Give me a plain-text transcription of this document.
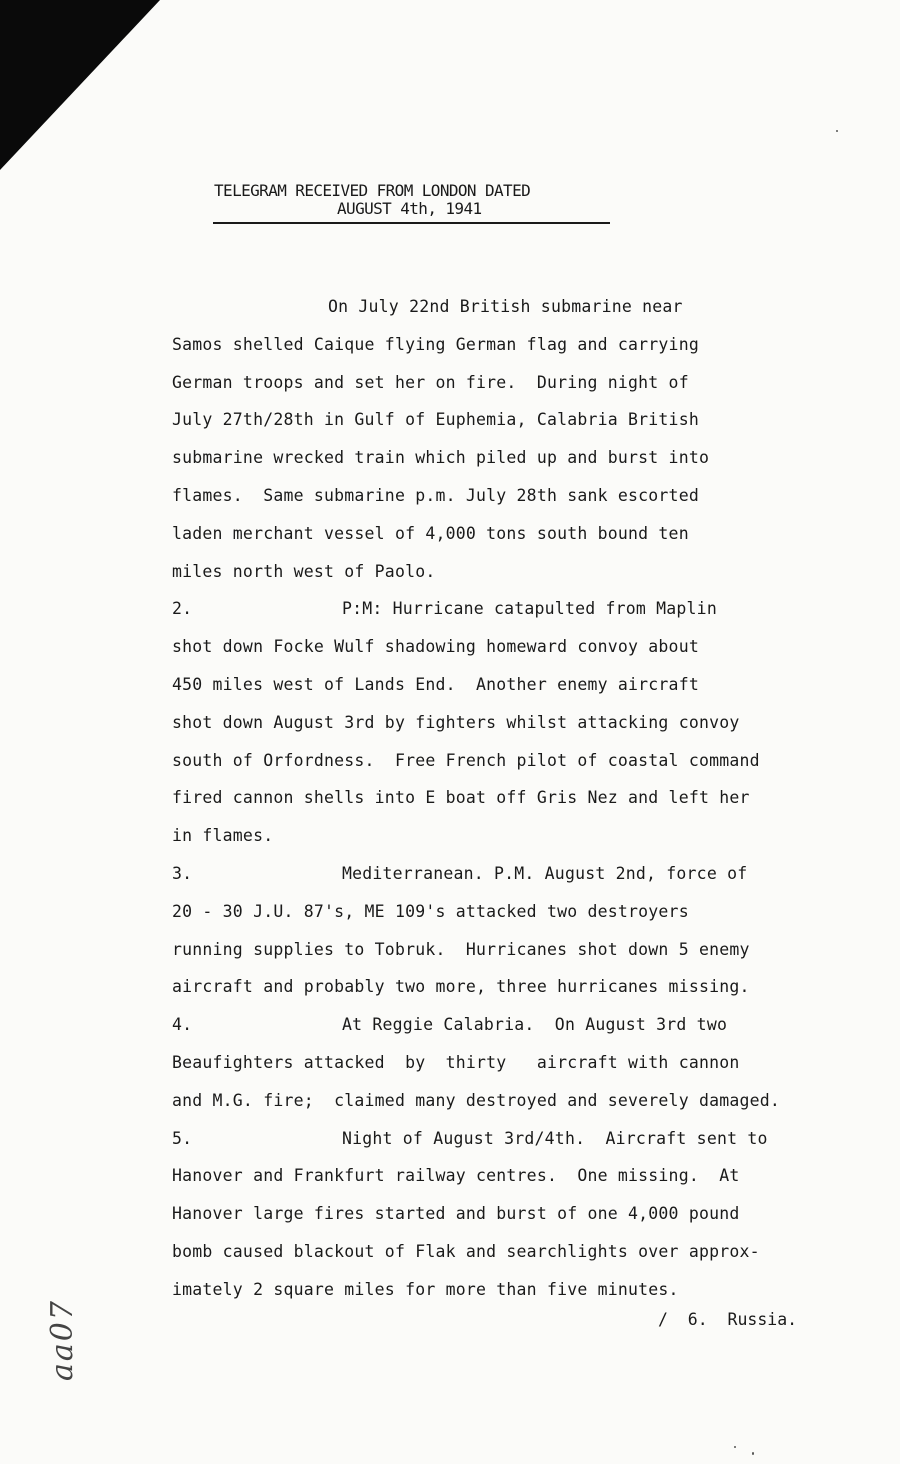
TELEGRAM RECEIVED FROM LONDON DATED
AUGUST 4th, 1941
On July 22nd British submarine near
Samos shelled Caique flying German flag and carrying
German troops and set her on fire.  During night of
July 27th/28th in Gulf of Euphemia, Calabria British
submarine wrecked train which piled up and burst into
flames.  Same submarine p.m. July 28th sank escorted
laden merchant vessel of 4,000 tons south bound ten
miles north west of Paolo.
2.	P:M: Hurricane catapulted from Maplin
shot down Focke Wulf shadowing homeward convoy about
450 miles west of Lands End.  Another enemy aircraft
shot down August 3rd by fighters whilst attacking convoy
south of Orfordness.  Free French pilot of coastal command
fired cannon shells into E boat off Gris Nez and left her
in flames.
3.	Mediterranean. P.M. August 2nd, force of
20 - 30 J.U. 87's, ME 109's attacked two destroyers
running supplies to Tobruk.  Hurricanes shot down 5 enemy
aircraft and probably two more, three hurricanes missing.
4.	At Reggie Calabria.  On August 3rd two
Beaufighters attacked  by  thirty   aircraft with cannon
and M.G. fire;  claimed many destroyed and severely damaged.
5.	Night of August 3rd/4th.  Aircraft sent to
Hanover and Frankfurt railway centres.  One missing.  At
Hanover large fires started and burst of one 4,000 pound
bomb caused blackout of Flak and searchlights over approx-
imately 2 square miles for more than five minutes.
/  6.  Russia.
aa07
